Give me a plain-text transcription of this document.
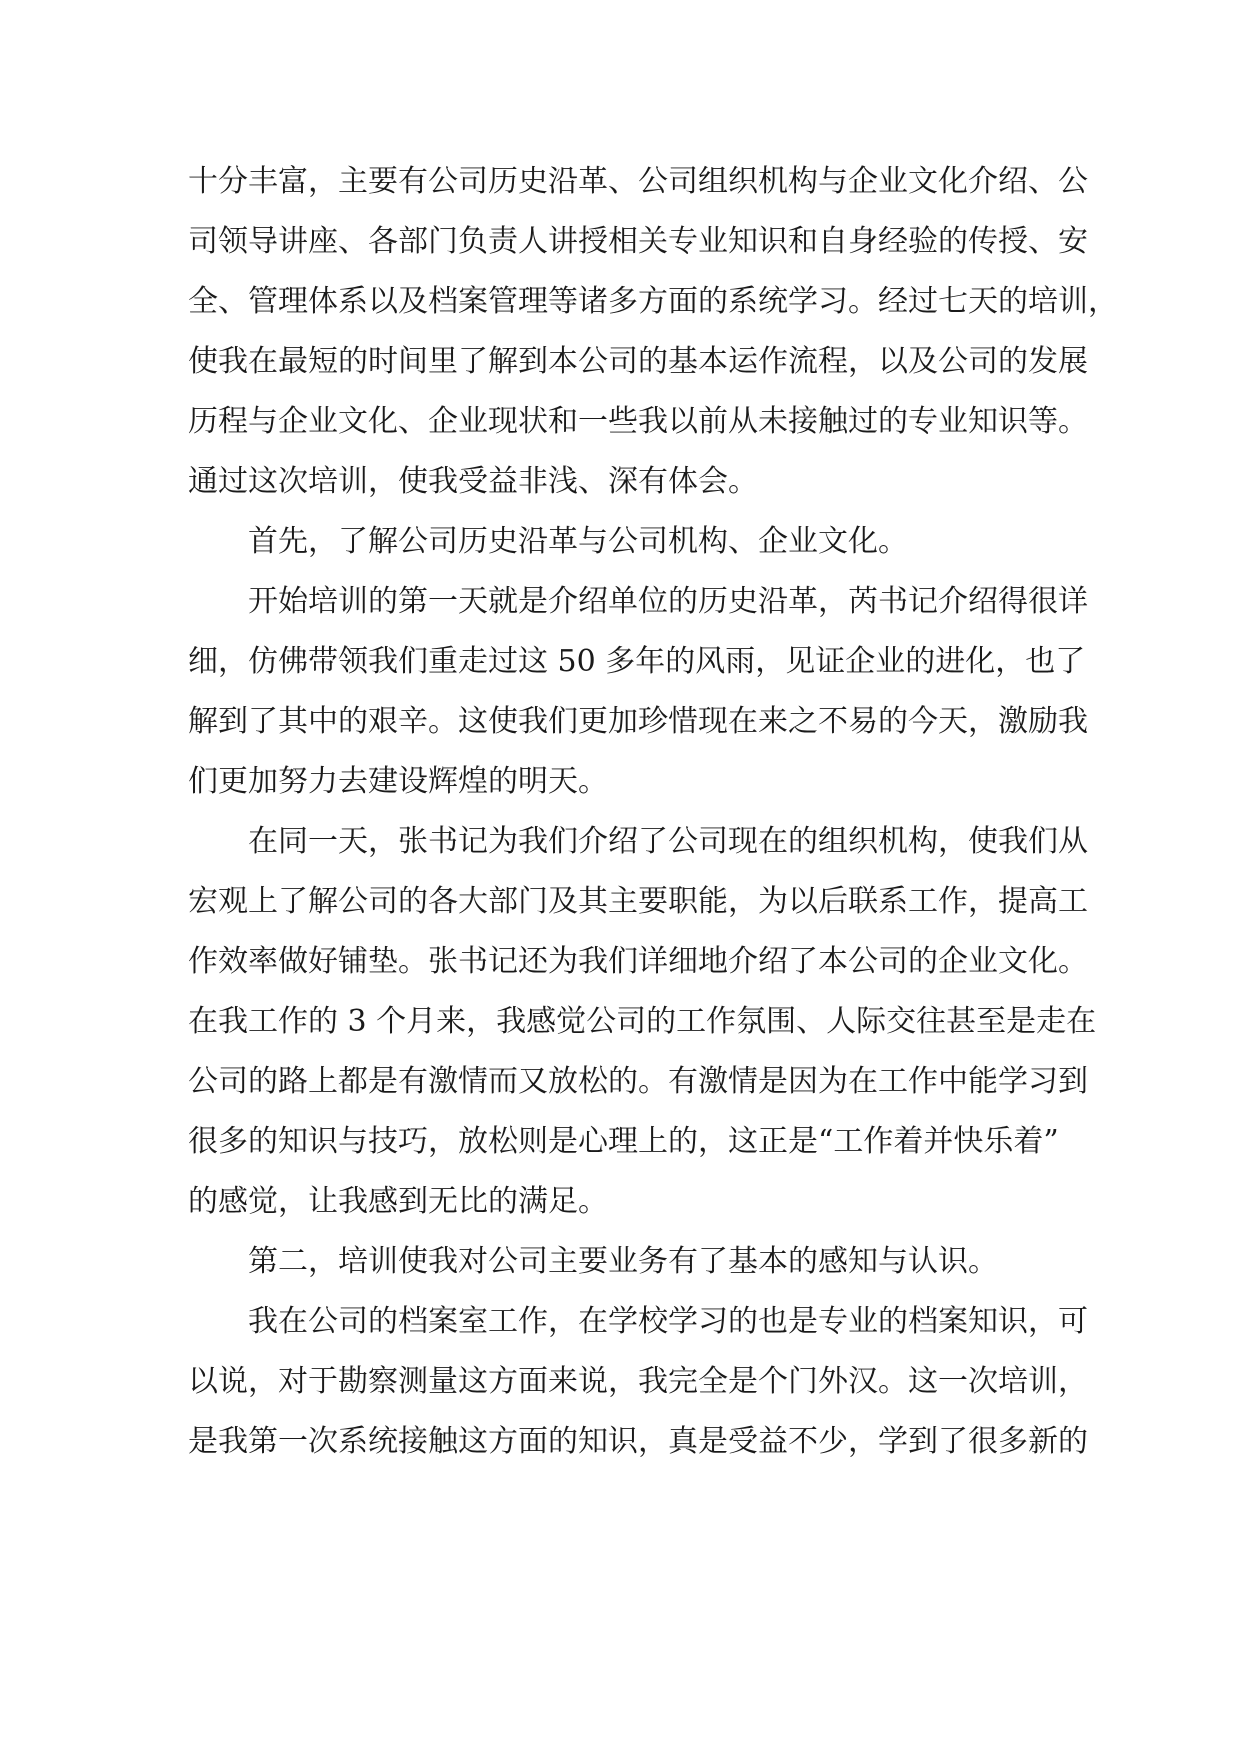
十分丰富，主要有公司历史沿革、公司组织机构与企业文化介绍、公
司领导讲座、各部门负责人讲授相关专业知识和自身经验的传授、安
全、管理体系以及档案管理等诸多方面的系统学习。经过七天的培训，
使我在最短的时间里了解到本公司的基本运作流程，以及公司的发展
历程与企业文化、企业现状和一些我以前从未接触过的专业知识等。
通过这次培训，使我受益非浅、深有体会。
首先，了解公司历史沿革与公司机构、企业文化。
开始培训的第一天就是介绍单位的历史沿革，芮书记介绍得很详
细，仿佛带领我们重走过这 50 多年的风雨，见证企业的进化，也了
解到了其中的艰辛。这使我们更加珍惜现在来之不易的今天，激励我
们更加努力去建设辉煌的明天。
在同一天，张书记为我们介绍了公司现在的组织机构，使我们从
宏观上了解公司的各大部门及其主要职能，为以后联系工作，提高工
作效率做好铺垫。张书记还为我们详细地介绍了本公司的企业文化。
在我工作的 3 个月来，我感觉公司的工作氛围、人际交往甚至是走在
公司的路上都是有激情而又放松的。有激情是因为在工作中能学习到
很多的知识与技巧，放松则是心理上的，这正是“工作着并快乐着”
的感觉，让我感到无比的满足。
第二，培训使我对公司主要业务有了基本的感知与认识。
我在公司的档案室工作，在学校学习的也是专业的档案知识，可
以说，对于勘察测量这方面来说，我完全是个门外汉。这一次培训，
是我第一次系统接触这方面的知识，真是受益不少，学到了很多新的
